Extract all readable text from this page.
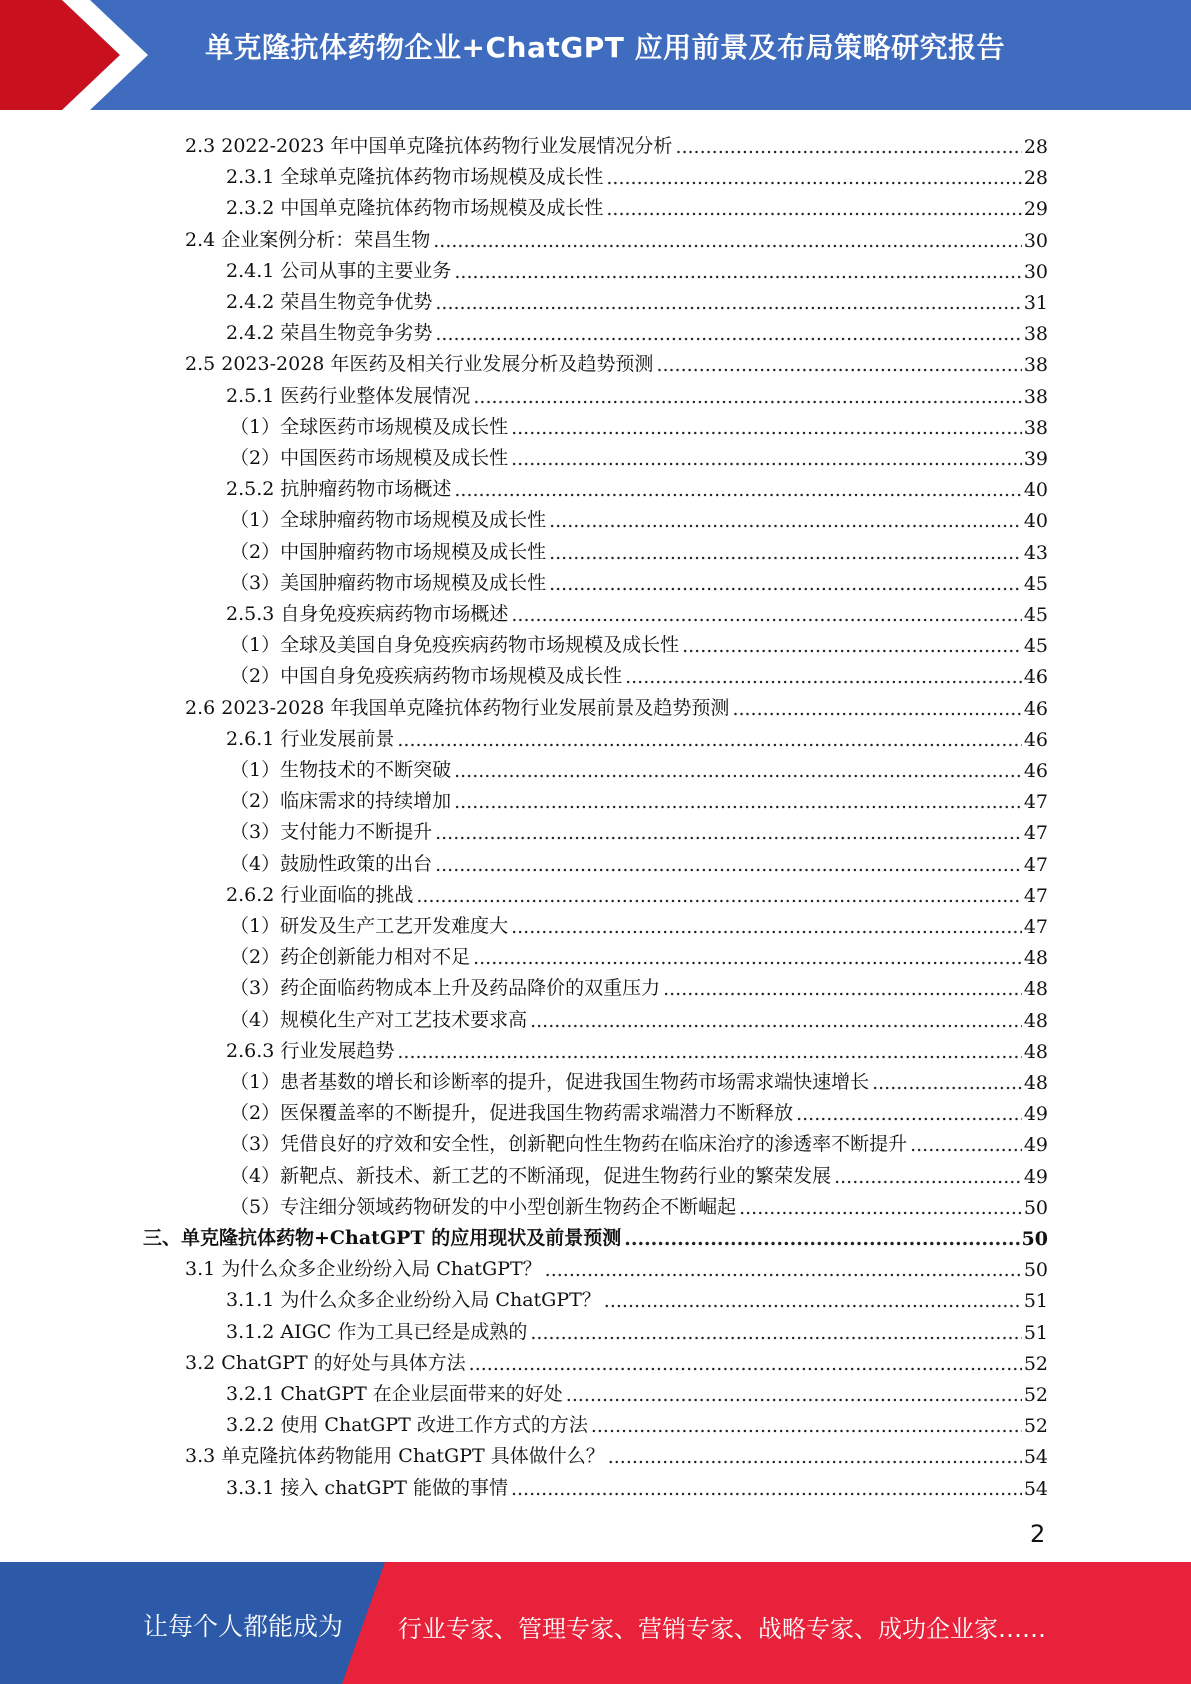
单克隆抗体药物企业+ChatGPT 应用前景及布局策略研究报告
2.3 2022-2023 年中国单克隆抗体药物行业发展情况分析 .....	28
2.3.1 全球单克隆抗体药物市场规模及成长性 .....	28
2.3.2 中国单克隆抗体药物市场规模及成长性 .....	29
2.4 企业案例分析：荣昌生物 .....	30
2.4.1 公司从事的主要业务 .....	30
2.4.2 荣昌生物竞争优势 .....	31
2.4.2 荣昌生物竞争劣势 .....	38
2.5 2023-2028 年医药及相关行业发展分析及趋势预测 .....	38
2.5.1 医药行业整体发展情况 .....	38
（1）全球医药市场规模及成长性 .....	38
（2）中国医药市场规模及成长性 .....	39
2.5.2 抗肿瘤药物市场概述 .....	40
（1）全球肿瘤药物市场规模及成长性 .....	40
（2）中国肿瘤药物市场规模及成长性 .....	43
（3）美国肿瘤药物市场规模及成长性 .....	45
2.5.3 自身免疫疾病药物市场概述 .....	45
（1）全球及美国自身免疫疾病药物市场规模及成长性 .....	45
（2）中国自身免疫疾病药物市场规模及成长性 .....	46
2.6 2023-2028 年我国单克隆抗体药物行业发展前景及趋势预测 .....	46
2.6.1 行业发展前景 .....	46
（1）生物技术的不断突破 .....	46
（2）临床需求的持续增加 .....	47
（3）支付能力不断提升 .....	47
（4）鼓励性政策的出台 .....	47
2.6.2 行业面临的挑战 .....	47
（1）研发及生产工艺开发难度大 .....	47
（2）药企创新能力相对不足 .....	48
（3）药企面临药物成本上升及药品降价的双重压力 .....	48
（4）规模化生产对工艺技术要求高 .....	48
2.6.3 行业发展趋势 .....	48
（1）患者基数的增长和诊断率的提升，促进我国生物药市场需求端快速增长 .....	48
（2）医保覆盖率的不断提升，促进我国生物药需求端潜力不断释放 .....	49
（3）凭借良好的疗效和安全性，创新靶向性生物药在临床治疗的渗透率不断提升 .....	49
（4）新靶点、新技术、新工艺的不断涌现，促进生物药行业的繁荣发展 .....	49
（5）专注细分领域药物研发的中小型创新生物药企不断崛起 .....	50
三、单克隆抗体药物+ChatGPT 的应用现状及前景预测 .....	50
3.1 为什么众多企业纷纷入局 ChatGPT？ .....	50
3.1.1 为什么众多企业纷纷入局 ChatGPT？ .....	51
3.1.2 AIGC 作为工具已经是成熟的 .....	51
3.2 ChatGPT 的好处与具体方法 .....	52
3.2.1 ChatGPT 在企业层面带来的好处 .....	52
3.2.2 使用 ChatGPT 改进工作方式的方法 .....	52
3.3 单克隆抗体药物能用 ChatGPT 具体做什么？ .....	54
3.3.1 接入 chatGPT 能做的事情 .....	54
2
让每个人都能成为 行业专家、管理专家、营销专家、战略专家、成功企业家……
